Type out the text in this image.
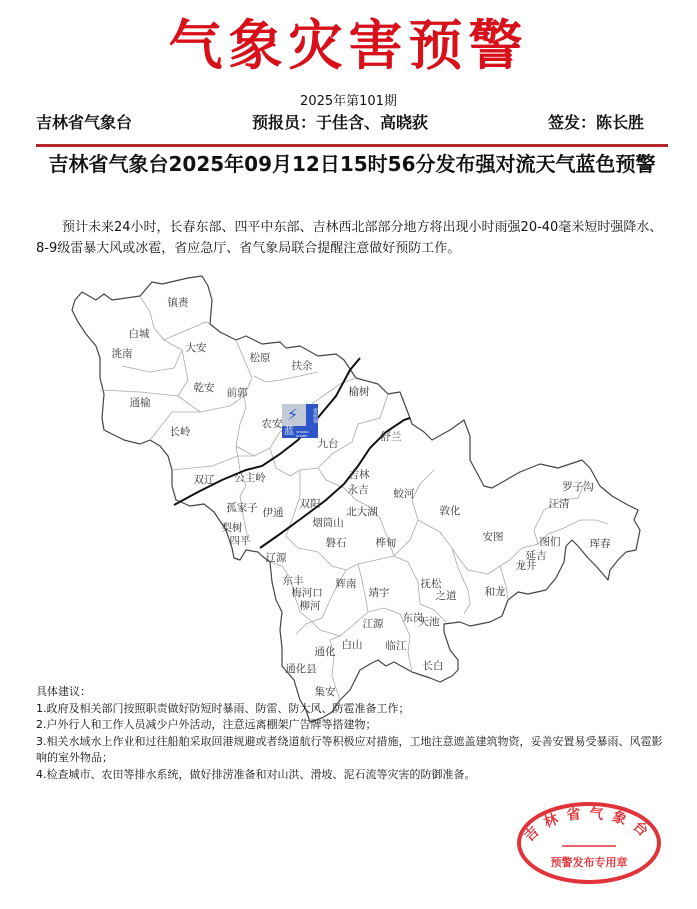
气象灾害预警
2025年第101期
吉林省气象台	预报员：于佳含、高晓荻	签发：陈长胜
吉林省气象台2025年09月12日15时56分发布强对流天气蓝色预警
预计未来24小时，长春东部、四平中东部、吉林西北部部分地方将出现小时雨强20-40毫米短时强降水、8-9级雷暴大风或冰雹，省应急厅、省气象局联合提醒注意做好预防工作。
镇赉
白城
洮南	大安
松原
扶余
乾安 前郭
通榆
榆树
长岭
农安
舒兰
九台
双辽 公主岭	吉林
永吉 蛟河
孤家子 伊通
双阳
北大湖	敦化
烟筒山
梨树
四平	磐石	桦甸	安图
汪清
罗子沟
图们	珲春
延吉
龙井
辽源
东丰	辉南
梅河口	靖宇
抚松
之道	和龙
柳河
东岗
天池
江源
白山 临江
通化
通化县	长白
集安
⚡	雷雨强
蓝 STRONG STORM
具体建议：
1.政府及相关部门按照职责做好防短时暴雨、防雷、防大风、防雹准备工作；
2.户外行人和工作人员减少户外活动，注意远离棚架广告牌等搭建物；
3.相关水域水上作业和过往船舶采取回港规避或者绕道航行等积极应对措施，工地注意遮盖建筑物资，妥善安置易受暴雨、风雹影响的室外物品；
4.检查城市、农田等排水系统，做好排涝准备和对山洪、滑坡、泥石流等灾害的防御准备。
吉林省气象台
预警发布专用章
